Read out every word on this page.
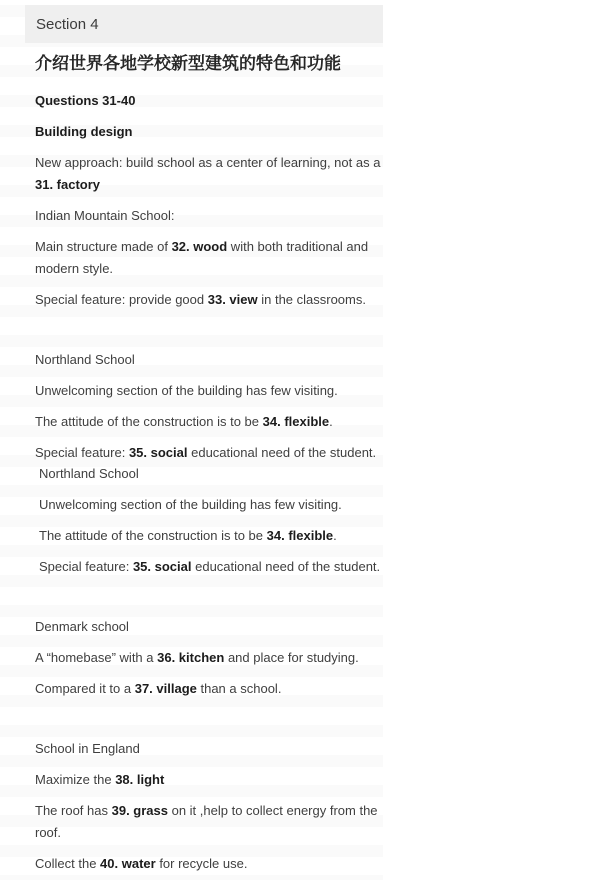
Section 4
介绍世界各地学校新型建筑的特色和功能
Questions 31-40
Building design
New approach: build school as a center of learning, not as a
31. factory
Indian Mountain School:
Main structure made of 32. wood with both traditional and
modern style.
Special feature: provide good 33. view in the classrooms.
Northland School
Unwelcoming section of the building has few visiting.
The attitude of the construction is to be 34. flexible.
Special feature: 35. social educational need of the student.
Northland School
Unwelcoming section of the building has few visiting.
The attitude of the construction is to be 34. flexible.
Special feature: 35. social educational need of the student.
Denmark school
A “homebase” with a 36. kitchen and place for studying.
Compared it to a 37. village than a school.
School in England
Maximize the 38. light
The roof has 39. grass on it ,help to collect energy from the
roof.
Collect the 40. water for recycle use.
